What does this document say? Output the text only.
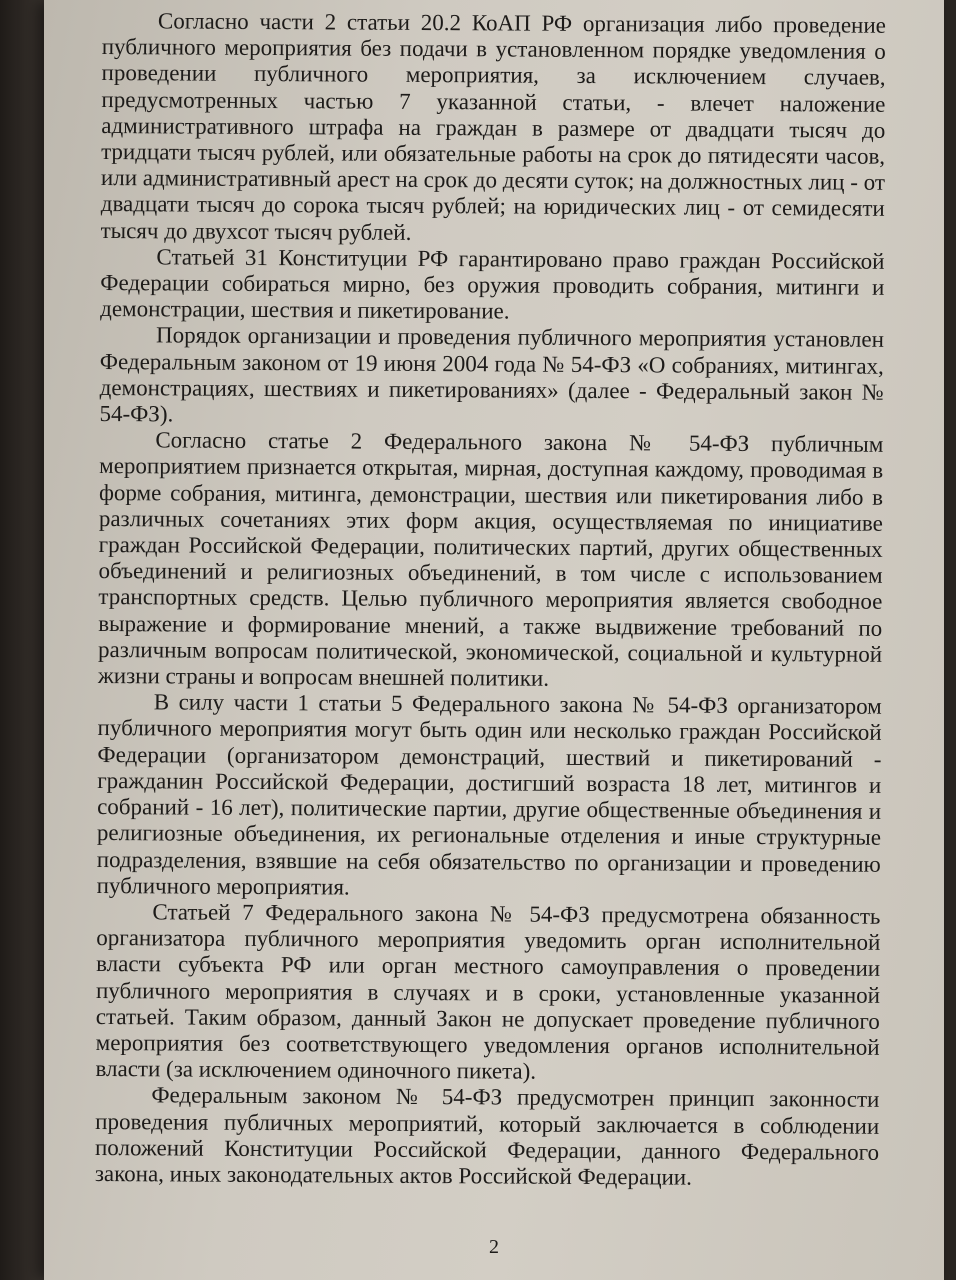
Согласно части 2 статьи 20.2 КоАП РФ организация либо проведение публичного мероприятия без подачи в установленном порядке уведомления о проведении публичного мероприятия, за исключением случаев, предусмотренных частью 7 указанной статьи, - влечет наложение административного штрафа на граждан в размере от двадцати тысяч до тридцати тысяч рублей, или обязательные работы на срок до пятидесяти часов, или административный арест на срок до десяти суток; на должностных лиц - от двадцати тысяч до сорока тысяч рублей; на юридических лиц - от семидесяти тысяч до двухсот тысяч рублей.

Статьей 31 Конституции РФ гарантировано право граждан Российской Федерации собираться мирно, без оружия проводить собрания, митинги и демонстрации, шествия и пикетирование.

Порядок организации и проведения публичного мероприятия установлен Федеральным законом от 19 июня 2004 года № 54-ФЗ «О собраниях, митингах, демонстрациях, шествиях и пикетированиях» (далее - Федеральный закон № 54-ФЗ).

Согласно статье 2 Федерального закона № 54-ФЗ публичным мероприятием признается открытая, мирная, доступная каждому, проводимая в форме собрания, митинга, демонстрации, шествия или пикетирования либо в различных сочетаниях этих форм акция, осуществляемая по инициативе граждан Российской Федерации, политических партий, других общественных объединений и религиозных объединений, в том числе с использованием транспортных средств. Целью публичного мероприятия является свободное выражение и формирование мнений, а также выдвижение требований по различным вопросам политической, экономической, социальной и культурной жизни страны и вопросам внешней политики.

В силу части 1 статьи 5 Федерального закона № 54-ФЗ организатором публичного мероприятия могут быть один или несколько граждан Российской Федерации (организатором демонстраций, шествий и пикетирований - гражданин Российской Федерации, достигший возраста 18 лет, митингов и собраний - 16 лет), политические партии, другие общественные объединения и религиозные объединения, их региональные отделения и иные структурные подразделения, взявшие на себя обязательство по организации и проведению публичного мероприятия.

Статьей 7 Федерального закона № 54-ФЗ предусмотрена обязанность организатора публичного мероприятия уведомить орган исполнительной власти субъекта РФ или орган местного самоуправления о проведении публичного мероприятия в случаях и в сроки, установленные указанной статьей. Таким образом, данный Закон не допускает проведение публичного мероприятия без соответствующего уведомления органов исполнительной власти (за исключением одиночного пикета).

Федеральным законом № 54-ФЗ предусмотрен принцип законности проведения публичных мероприятий, который заключается в соблюдении положений Конституции Российской Федерации, данного Федерального закона, иных законодательных актов Российской Федерации.

2
